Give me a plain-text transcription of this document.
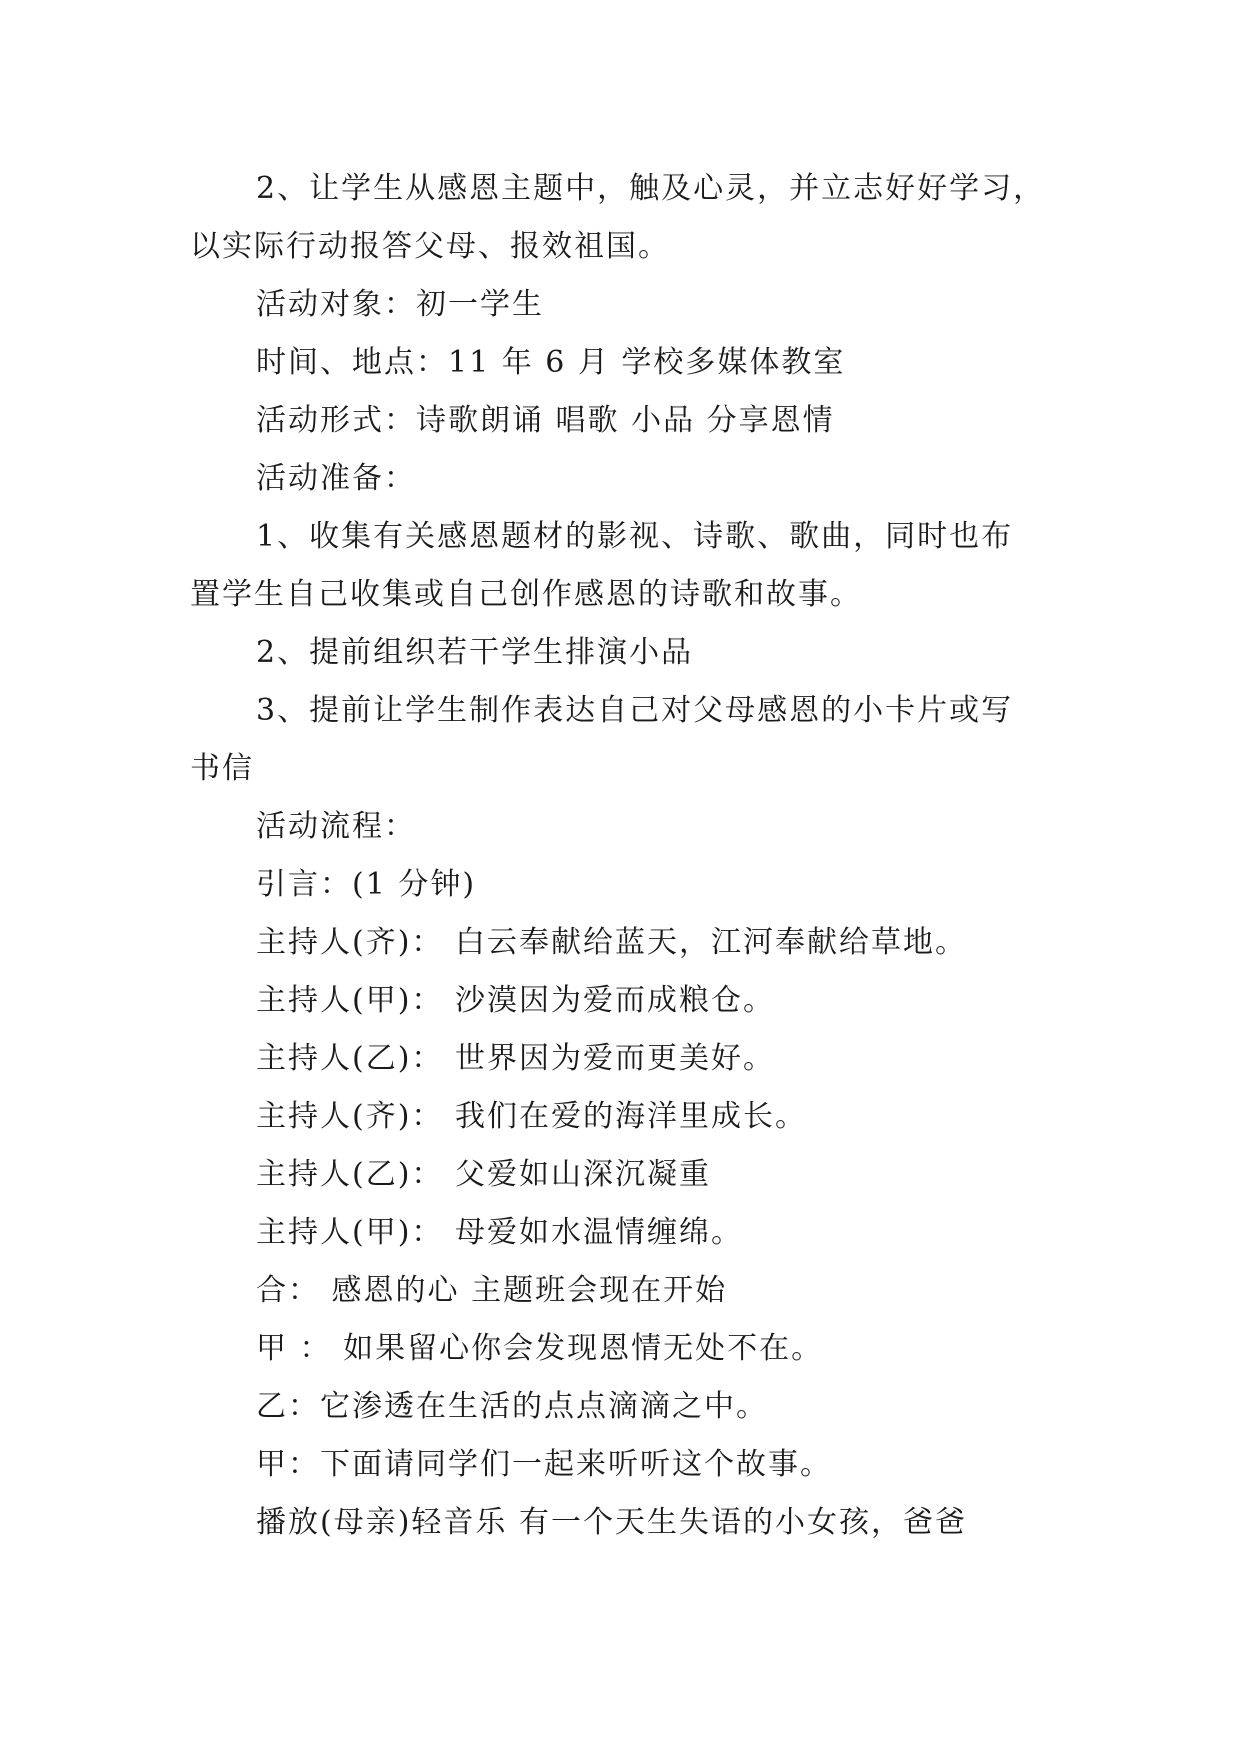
2、让学生从感恩主题中，触及心灵，并立志好好学习，

以实际行动报答父母、报效祖国。

活动对象：初一学生

时间、地点：11 年 6 月 学校多媒体教室

活动形式：诗歌朗诵 唱歌 小品 分享恩情

活动准备：

1、收集有关感恩题材的影视、诗歌、歌曲，同时也布

置学生自己收集或自己创作感恩的诗歌和故事。

2、提前组织若干学生排演小品

3、提前让学生制作表达自己对父母感恩的小卡片或写

书信

活动流程：

引言：(1 分钟)

主持人(齐)： 白云奉献给蓝天，江河奉献给草地。

主持人(甲)： 沙漠因为爱而成粮仓。

主持人(乙)： 世界因为爱而更美好。

主持人(齐)： 我们在爱的海洋里成长。

主持人(乙)： 父爱如山深沉凝重

主持人(甲)： 母爱如水温情缠绵。

合： 感恩的心 主题班会现在开始

甲 ： 如果留心你会发现恩情无处不在。

乙：它渗透在生活的点点滴滴之中。

甲：下面请同学们一起来听听这个故事。

播放(母亲)轻音乐 有一个天生失语的小女孩，爸爸
